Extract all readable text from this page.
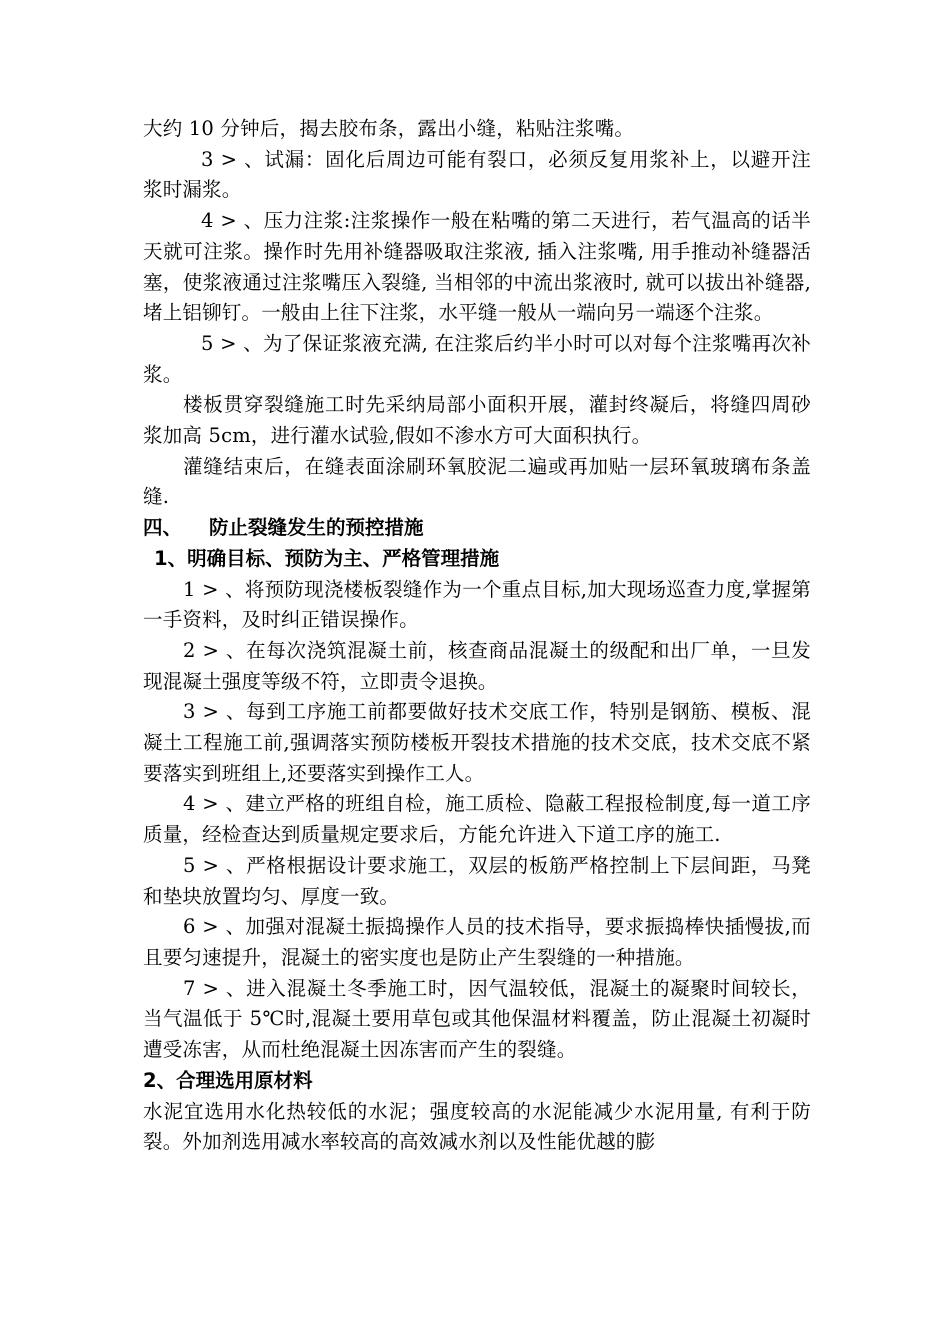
大约 10 分钟后，揭去胶布条，露出小缝，粘贴注浆嘴。

3 > 、试漏：固化后周边可能有裂口，必须反复用浆补上，以避开注浆时漏浆。

4 > 、压力注浆:注浆操作一般在粘嘴的第二天进行，若气温高的话半天就可注浆。操作时先用补缝器吸取注浆液, 插入注浆嘴, 用手推动补缝器活塞，使浆液通过注浆嘴压入裂缝, 当相邻的中流出浆液时, 就可以拔出补缝器, 堵上铝铆钉。一般由上往下注浆，水平缝一般从一端向另一端逐个注浆。

5 > 、为了保证浆液充满, 在注浆后约半小时可以对每个注浆嘴再次补浆。

楼板贯穿裂缝施工时先采纳局部小面积开展，灌封终凝后，将缝四周砂浆加高 5cm，进行灌水试验,假如不渗水方可大面积执行。

灌缝结束后，在缝表面涂刷环氧胶泥二遍或再加贴一层环氧玻璃布条盖缝.

四、 防止裂缝发生的预控措施
1、明确目标、预防为主、严格管理措施

1 > 、将预防现浇楼板裂缝作为一个重点目标,加大现场巡查力度,掌握第一手资料，及时纠正错误操作。

2 > 、在每次浇筑混凝土前，核查商品混凝土的级配和出厂单，一旦发现混凝土强度等级不符，立即责令退换。

3 > 、每到工序施工前都要做好技术交底工作，特别是钢筋、模板、混凝土工程施工前,强调落实预防楼板开裂技术措施的技术交底，技术交底不紧要落实到班组上,还要落实到操作工人。

4 > 、建立严格的班组自检，施工质检、隐蔽工程报检制度,每一道工序质量，经检查达到质量规定要求后，方能允许进入下道工序的施工.

5 > 、严格根据设计要求施工，双层的板筋严格控制上下层间距，马凳和垫块放置均匀、厚度一致。

6 > 、加强对混凝土振捣操作人员的技术指导，要求振捣棒快插慢拔,而且要匀速提升，混凝土的密实度也是防止产生裂缝的一种措施。

7 > 、进入混凝土冬季施工时，因气温较低，混凝土的凝聚时间较长，当气温低于 5℃时,混凝土要用草包或其他保温材料覆盖，防止混凝土初凝时遭受冻害，从而杜绝混凝土因冻害而产生的裂缝。

2、合理选用原材料

水泥宜选用水化热较低的水泥；强度较高的水泥能减少水泥用量, 有利于防裂。外加剂选用减水率较高的高效减水剂以及性能优越的膨
